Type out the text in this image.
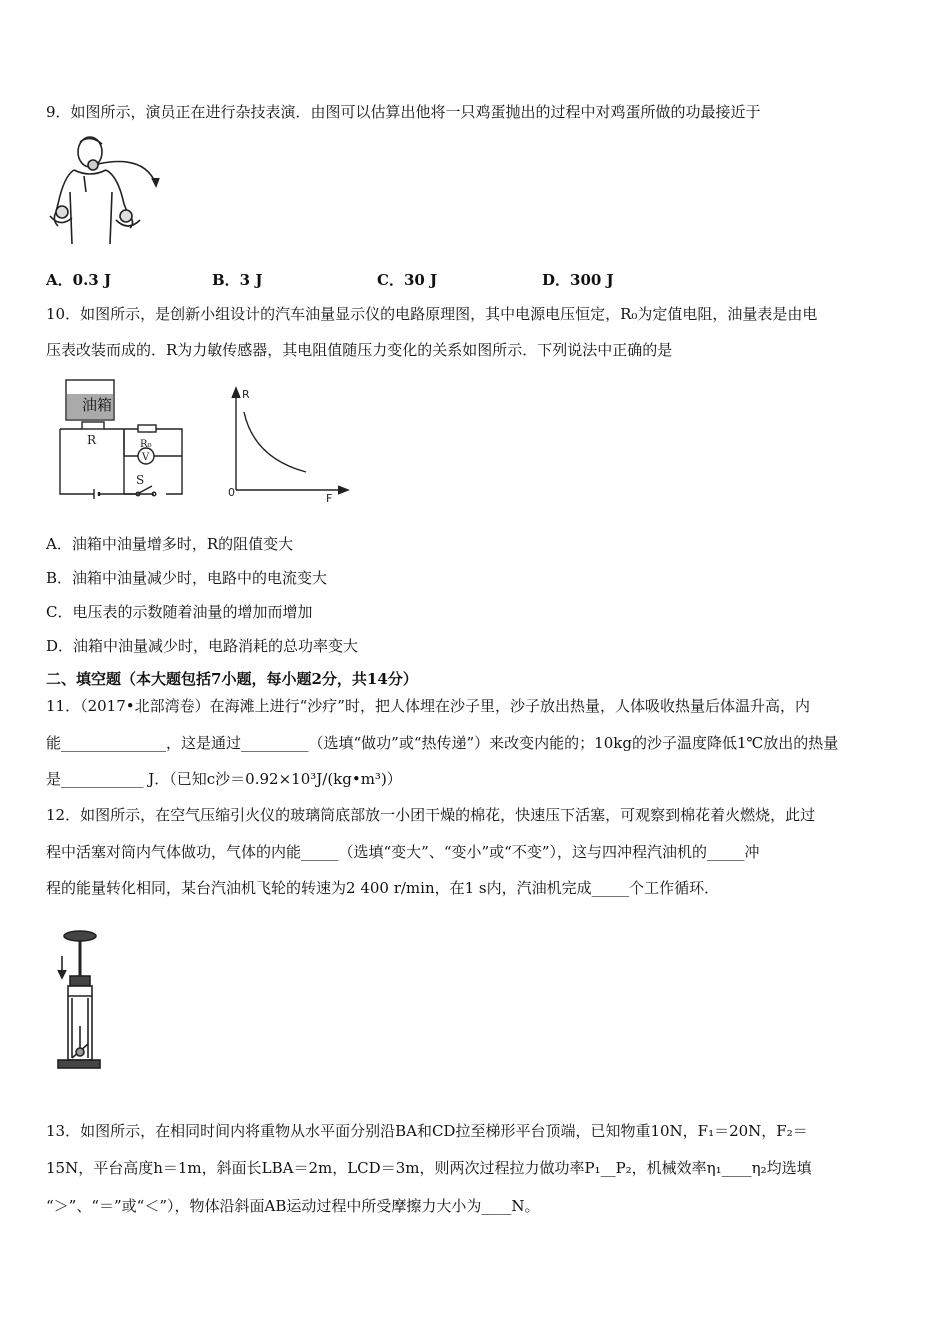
9．如图所示，演员正在进行杂技表演．由图可以估算出他将一只鸡蛋抛出的过程中对鸡蛋所做的功最接近于
A．0.3 J	B．3 J	C．30 J	D．300 J
10．如图所示，是创新小组设计的汽车油量显示仪的电路原理图，其中电源电压恒定，R₀为定值电阻，油量表是由电
压表改装而成的．R为力敏传感器，其电阻值随压力变化的关系如图所示．下列说法中正确的是
油箱
R	R₀
V
S
R
F
0
A．油箱中油量增多时，R的阻值变大
B．油箱中油量减少时，电路中的电流变大
C．电压表的示数随着油量的增加而增加
D．油箱中油量减少时，电路消耗的总功率变大
二、填空题（本大题包括7小题，每小题2分，共14分）
11．（2017•北部湾卷）在海滩上进行“沙疗”时，把人体埋在沙子里，沙子放出热量，人体吸收热量后体温升高，内
能______________，这是通过_________（选填“做功”或“热传递”）来改变内能的；10kg的沙子温度降低1℃放出的热量
是___________ J．（已知c沙＝0.92×10³J/(kg•m³)）
12．如图所示，在空气压缩引火仪的玻璃筒底部放一小团干燥的棉花，快速压下活塞，可观察到棉花着火燃烧，此过
程中活塞对筒内气体做功，气体的内能_____（选填“变大”、“变小”或“不变”），这与四冲程汽油机的_____冲
程的能量转化相同，某台汽油机飞轮的转速为2 400 r/min，在1 s内，汽油机完成_____个工作循环．
13．如图所示，在相同时间内将重物从水平面分别沿BA和CD拉至梯形平台顶端，已知物重10N，F₁＝20N，F₂＝
15N，平台高度h＝1m，斜面长LBA＝2m，LCD＝3m，则两次过程拉力做功率P₁__P₂，机械效率η₁____η₂均选填
“＞”、“＝”或“＜”），物体沿斜面AB运动过程中所受摩擦力大小为____N。
